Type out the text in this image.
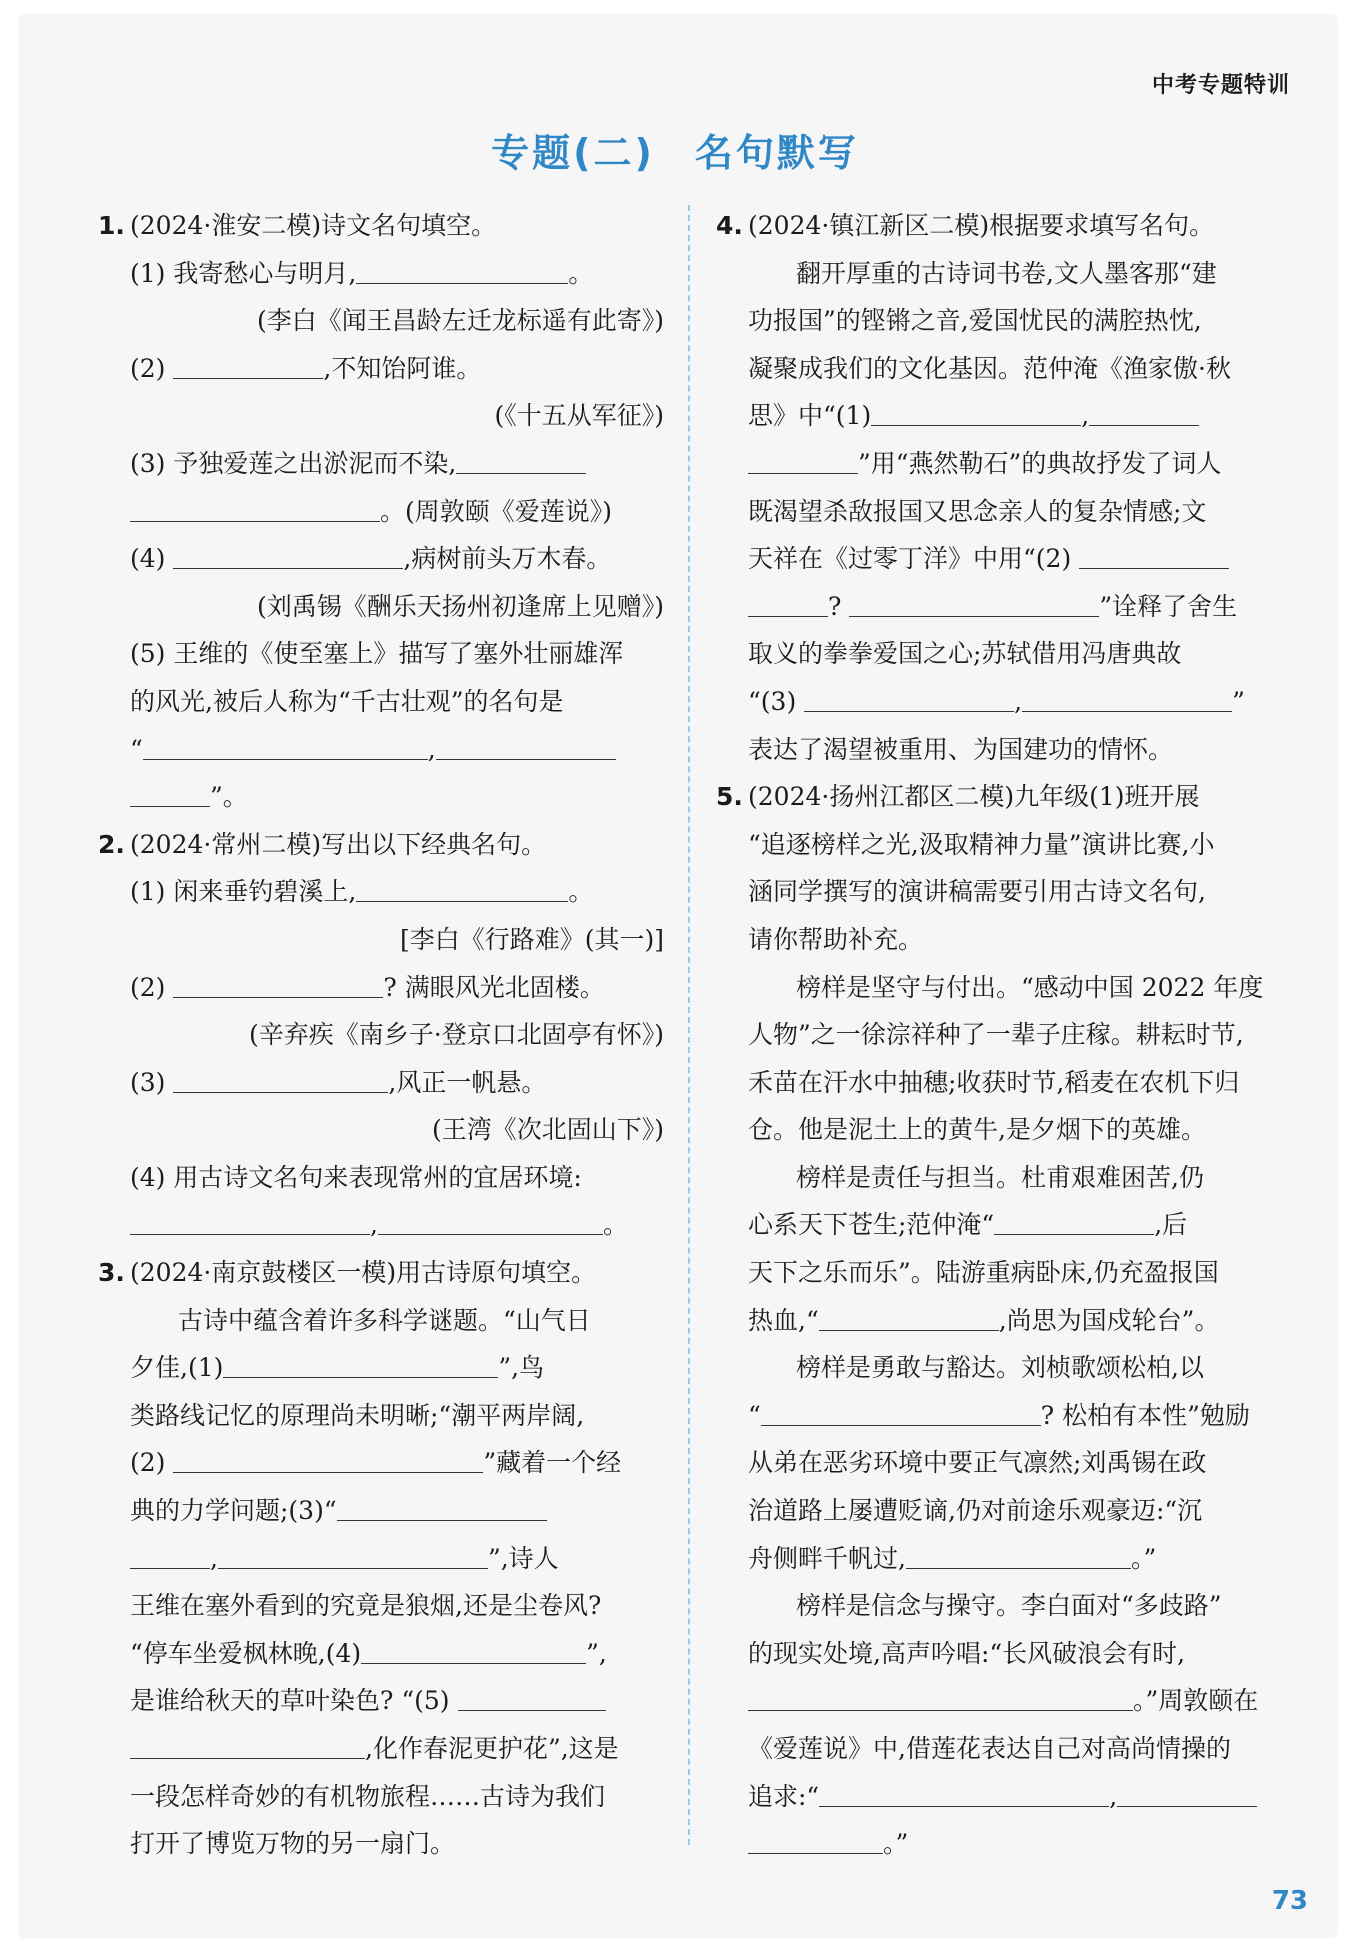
中考专题特训
专题(二) 名句默写
1. (2024·淮安二模)诗文名句填空。
(1) 我寄愁心与明月,	。
(李白《闻王昌龄左迁龙标遥有此寄》)
(2)	,不知饴阿谁。
(《十五从军征》)
(3) 予独爱莲之出淤泥而不染,
。(周敦颐《爱莲说》)
(4)	,病树前头万木春。
(刘禹锡《酬乐天扬州初逢席上见赠》)
(5) 王维的《使至塞上》描写了塞外壮丽雄浑
的风光,被后人称为“千古壮观”的名句是
“	,
”。
2. (2024·常州二模)写出以下经典名句。
(1) 闲来垂钓碧溪上,	。
[李白《行路难》(其一)]
(2)	? 满眼风光北固楼。
(辛弃疾《南乡子·登京口北固亭有怀》)
(3)	,风正一帆悬。
(王湾《次北固山下》)
(4) 用古诗文名句来表现常州的宜居环境:
,	。
3. (2024·南京鼓楼区一模)用古诗原句填空。
古诗中蕴含着许多科学谜题。“山气日
夕佳,(1)	”,鸟
类路线记忆的原理尚未明晰;“潮平两岸阔,
(2)	”藏着一个经
典的力学问题;(3)“
,	”,诗人
王维在塞外看到的究竟是狼烟,还是尘卷风?
“停车坐爱枫林晚,(4)	”,
是谁给秋天的草叶染色? “(5)
,化作春泥更护花”,这是
一段怎样奇妙的有机物旅程……古诗为我们
打开了博览万物的另一扇门。
4. (2024·镇江新区二模)根据要求填写名句。
翻开厚重的古诗词书卷,文人墨客那“建
功报国”的铿锵之音,爱国忧民的满腔热忱,
凝聚成我们的文化基因。范仲淹《渔家傲·秋
思》中“(1)	,
”用“燕然勒石”的典故抒发了词人
既渴望杀敌报国又思念亲人的复杂情感;文
天祥在《过零丁洋》中用“(2)
?	”诠释了舍生
取义的拳拳爱国之心;苏轼借用冯唐典故
“(3)	,	”
表达了渴望被重用、为国建功的情怀。
5. (2024·扬州江都区二模)九年级(1)班开展
“追逐榜样之光,汲取精神力量”演讲比赛,小
涵同学撰写的演讲稿需要引用古诗文名句,
请你帮助补充。
榜样是坚守与付出。“感动中国 2022 年度
人物”之一徐淙祥种了一辈子庄稼。耕耘时节,
禾苗在汗水中抽穗;收获时节,稻麦在农机下归
仓。他是泥土上的黄牛,是夕烟下的英雄。
榜样是责任与担当。杜甫艰难困苦,仍
心系天下苍生;范仲淹“	,后
天下之乐而乐”。陆游重病卧床,仍充盈报国
热血,“	,尚思为国戍轮台”。
榜样是勇敢与豁达。刘桢歌颂松柏,以
“	? 松柏有本性”勉励
从弟在恶劣环境中要正气凛然;刘禹锡在政
治道路上屡遭贬谪,仍对前途乐观豪迈:“沉
舟侧畔千帆过,	。”
榜样是信念与操守。李白面对“多歧路”
的现实处境,高声吟唱:“长风破浪会有时,
。”周敦颐在
《爱莲说》中,借莲花表达自己对高尚情操的
追求:“	,
。”
73
